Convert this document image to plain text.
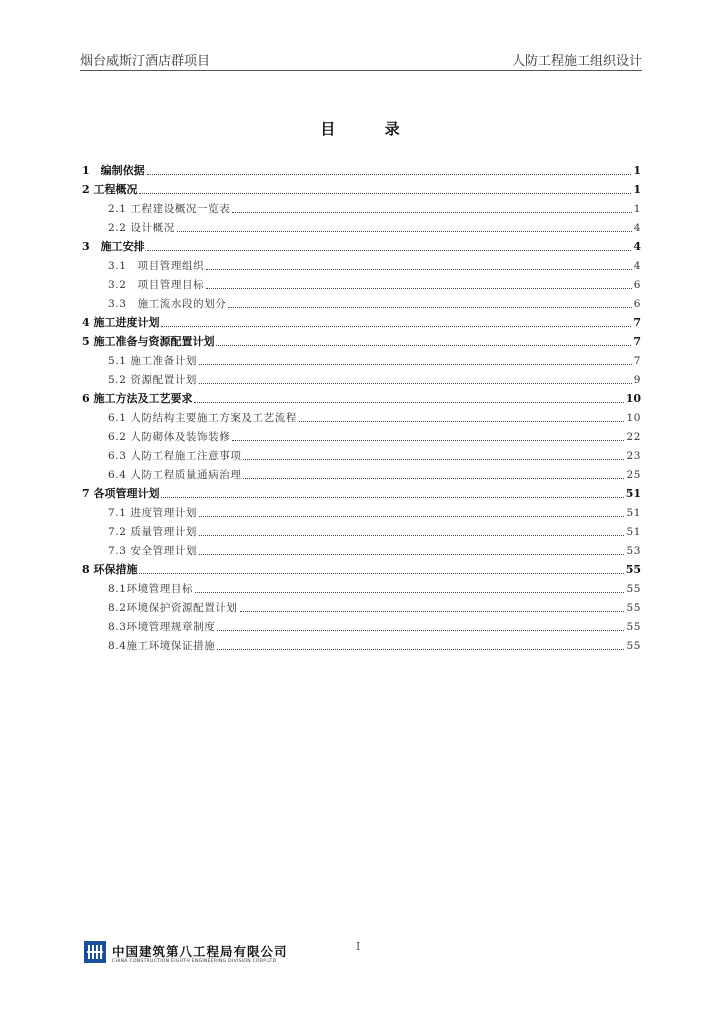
烟台威斯汀酒店群项目	人防工程施工组织设计
目 录
1　编制依据	1
2 工程概况	1
2.1 工程建设概况一览表	1
2.2 设计概况	4
3　施工安排	4
3.1　项目管理组织	4
3.2　项目管理目标	6
3.3　施工流水段的划分	6
4 施工进度计划	7
5 施工准备与资源配置计划	7
5.1 施工准备计划	7
5.2 资源配置计划	9
6 施工方法及工艺要求	10
6.1 人防结构主要施工方案及工艺流程	10
6.2 人防砌体及装饰装修	22
6.3 人防工程施工注意事项	23
6.4 人防工程质量通病治理	25
7 各项管理计划	51
7.1 进度管理计划	51
7.2 质量管理计划	51
7.3 安全管理计划	53
8 环保措施	55
8.1环境管理目标	55
8.2环境保护资源配置计划	55
8.3环境管理规章制度	55
8.4施工环境保证措施	55
中国建筑第八工程局有限公司
CHINA CONSTRUCTION EIGHTH ENGINEERING DIVISION CORP.LTD
I
